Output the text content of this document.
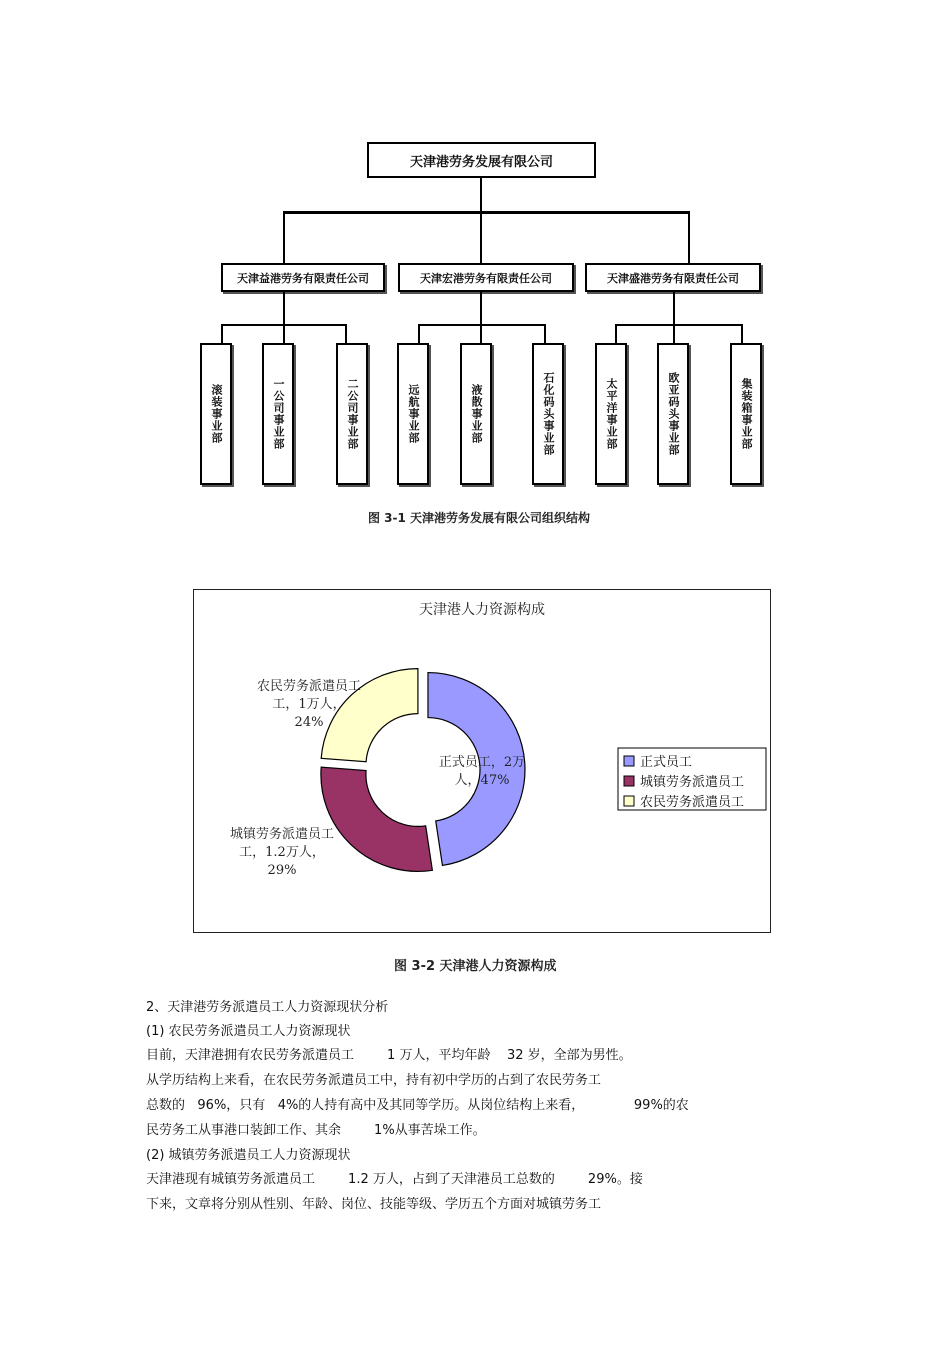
天津港劳务发展有限公司
天津益港劳务有限责任公司	天津宏港劳务有限责任公司	天津盛港劳务有限责任公司
滚装事业部	一公司事业部	二公司事业部	远航事业部	液散事业部	石化码头事业部	太平洋事业部	欧亚码头事业部	集装箱事业部
图 3-1 天津港劳务发展有限公司组织结构
天津港人力资源构成
正式员工，2万人，47%
城镇劳务派遣员工工，1.2万人， 29%
农民劳务派遣员工工，1万人， 24%
正式员工
城镇劳务派遣员工
农民劳务派遣员工
图 3-2 天津港人力资源构成
2、天津港劳务派遣员工人力资源现状分析
(1) 农民劳务派遣员工人力资源现状
目前，天津港拥有农民劳务派遣员工        1 万人，平均年龄    32 岁，全部为男性。
从学历结构上来看，在农民劳务派遣员工中，持有初中学历的占到了农民劳务工
总数的   96%，只有   4%的人持有高中及其同等学历。从岗位结构上来看，            99%的农
民劳务工从事港口装卸工作、其余        1%从事苦垛工作。
(2) 城镇劳务派遣员工人力资源现状
天津港现有城镇劳务派遣员工        1.2 万人，占到了天津港员工总数的        29%。接
下来，文章将分别从性别、年龄、岗位、技能等级、学历五个方面对城镇劳务工
